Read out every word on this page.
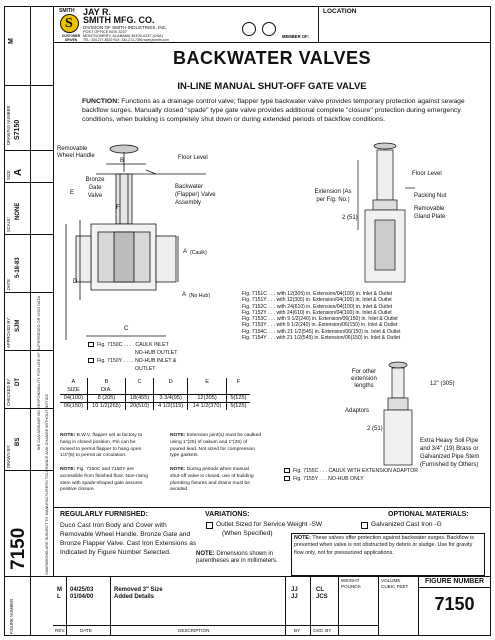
M
DRAWING NUMBER S7150
SIZE: A
SCALE:
NONE
DATE:
5-18-83
APPROVED BY: SJM
CHECKED BY: DT
DRAWN BY:
BS
7150
FIGURE NUMBER
WE CAN ASSUME NO RESPONSIBILITY FOR USE OF SUPERSEDED OR VOID DATA
DIMENSIONS ARE SUBJECT TO MANUFACTURERS TOLERANCE AND CHANGE WITHOUT NOTICE
S
SMITH JAY R.
SMITH MFG. CO.
DIVISION OF SMITH INDUSTRIES, INC.
POST OFFICE BOX 3237
MONTGOMERY, ALABAMA 36109-0237 (USA)
TEL: 334-277-8520 FAX: 334-272-7396 www.jrsmith.com
CUSTOMER DRIVEN
MEMBER OF:
LOCATION
BACKWATER VALVES
IN-LINE MANUAL SHUT-OFF GATE VALVE
FUNCTION: Functions as a drainage control valve; flapper type backwater valve provides temporary protection against sewage backflow surges. Manually closed "spade" type gate valve provides additional complete "closure" protection during emergency conditions, when building is completely shut down or during extended periods of backflow conditions.
Removable Wheel Handle
B	Floor Level
Bronze Gate Valve
E
F
Backwater (Flapper) Valve Assembly
A (Caulk)
D
C
A (No Hub)
Fig. 7150C . . . . CAULK INLET
NO-HUB OUTLET
Fig. 7150Y . . . . NO-HUB INLET &
OUTLET
A	B	C	D	E	F
SIZE	DIA.				
04(100)	8 (205)	18(455)	3 3/4(95)	12(305)	5(125)
06(150)	10 1/2(265)	20(510)	4 1/2(115)	14 1/2(370)	5(125)
Fig. 7151C . . . with 12(305) in. Extension/04(100) in. Inlet & Outlet
Fig. 7151Y . . . with 12(305) in. Extension/04(100) in. Inlet & Outlet
Fig. 7152C . . . with 24(610) in. Extension/04(100) in. Inlet & Outlet
Fig. 7152Y . . . with 24(610) in. Extension/04(100) in. Inlet & Outlet
Fig. 7153C . . . with 9 1/2(240) in. Extension/06(150) in. Inlet & Outlet
Fig. 7153Y . . . with 9 1/2(240) in. Extension/06(150) in. Inlet & Outlet
Fig. 7154C . . . with 21 1/2(545) in. Extension/06(150) in. Inlet & Outlet
Fig. 7154Y . . . with 21 1/2(545) in. Extension/06(150) in. Inlet & Outlet
Floor Level
Packing Nut
Extension (As per Fig. No.)
Removable Gland Plate
2 (51)
For other extension lengths	12" (305)
Adaptors
2 (51)
Extra Heavy Soil Pipe and 3/4" (19) Brass or Galvanized Pipe Stem (Furnished by Others)
Fig. 7155C . . . CAULK WITH EXTENSION ADAPTOR
Fig. 7155Y . . . NO-HUB ONLY
NOTE: B.W.V. flapper set at factory to hang in closed position. Pin can be moved to permit flapper to hang open 1/4"(6) to permit air circulation.
NOTE: Fig. 7150C and 7150Y are accessible from finished floor. Non-rising stem with spade-shaped gate assures positive closure.
NOTE: Extension joint(s) must be caulked using 1"(25) of oakum and 1"(25) of poured lead. Not sized for compression type gaskets.
NOTE: During periods when manual shut-off valve is closed, use of building plumbing fixtures and drains must be avoided.
REGULARLY FURNISHED:
Duco Cast Iron Body and Cover with Removable Wheel Handle. Bronze Gate and Bronze Flapper Valve. Cast Iron Extensions as Indicated by Figure Number Selected.
VARIATIONS:
Outlet Sized for Service Weight -SW
(When Specified)
NOTE: Dimensions shown in parentheses are in millimeters.
OPTIONAL MATERIALS:
Galvanized Cast Iron -G
NOTE: These valves offer protection against backwater surges. Backflow is prevented when valve is not obstructed by debris or sludge. Use for gravity flow only, not for pressurized applications.
M 04/25/03	Removed 3" Size	JJ	CL
L 01/04/00	Added Details	JJ	JCS
REV.	DATE	DESCRIPTION	BY	CKD. BY
WEIGHT POUNDS
VOLUME CUBIC FEET
FIGURE NUMBER
7150
